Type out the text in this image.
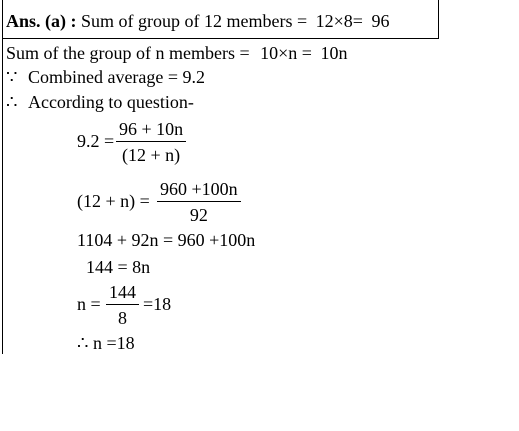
Ans. (a) : Sum of group of 12 members = 12×8= 96
Sum of the group of n members = 10×n = 10n
∵ Combined average = 9.2
∴ According to question-
9.2 =
96 + 10n
(12 + n)
(12 + n) =
960 +100n
92
1104 + 92n = 960 +100n
144 = 8n
n =
144
8
=18
∴ n =18
